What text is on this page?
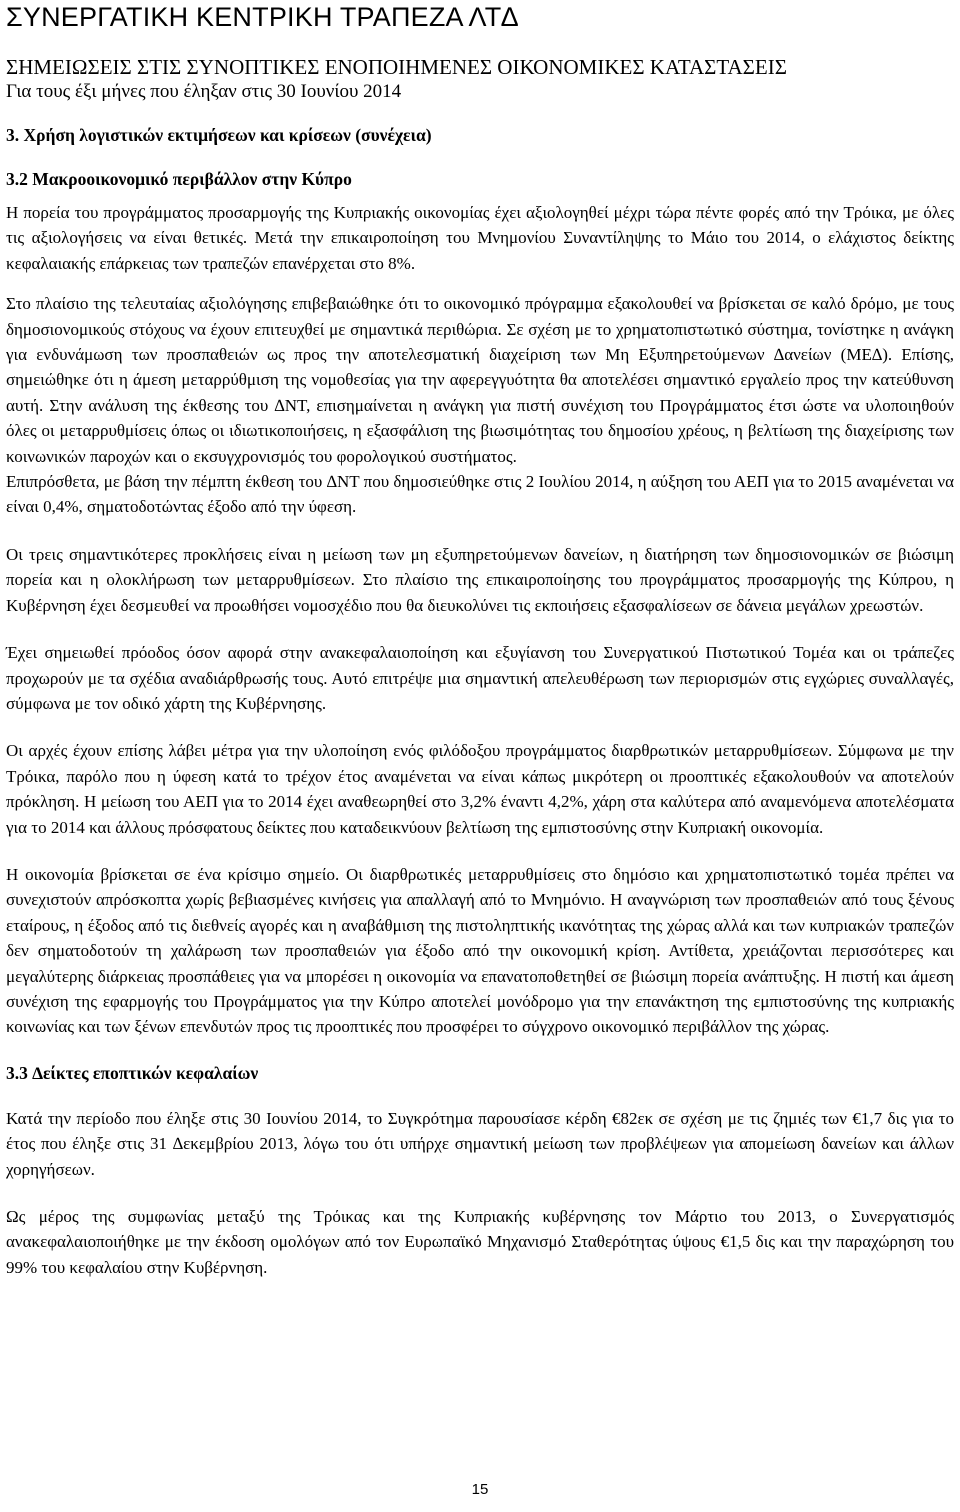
ΣΥΝΕΡΓΑΤΙΚΗ ΚΕΝΤΡΙΚΗ ΤΡΑΠΕΖΑ ΛΤ∆
ΣΗΜΕΙΩΣΕΙΣ ΣΤΙΣ ΣΥΝΟΠΤΙΚΕΣ ΕΝΟΠΟΙΗΜΕΝΕΣ ΟΙΚΟΝΟΜΙΚΕΣ ΚΑΤΑΣΤΑΣΕΙΣ
Για τους έξι μήνες που έληξαν στις 30 Ιουνίου 2014
3. Χρήση λογιστικών εκτιμήσεων και κρίσεων (συνέχεια)
3.2 Μακροοικονομικό περιβάλλον στην Κύπρο

Η πορεία του προγράμματος προσαρμογής της Κυπριακής οικονομίας έχει αξιολογηθεί μέχρι τώρα πέντε φορές από την Τρόικα, με όλες τις αξιολογήσεις να είναι θετικές. Μετά την επικαιροποίηση του Μνημονίου Συναντίληψης το Μάιο του 2014, ο ελάχιστος δείκτης κεφαλαιακής επάρκειας των τραπεζών επανέρχεται στο 8%.

Στο πλαίσιο της τελευταίας αξιολόγησης επιβεβαιώθηκε ότι το οικονομικό πρόγραμμα εξακολουθεί να βρίσκεται σε καλό δρόμο, με τους δημοσιονομικούς στόχους να έχουν επιτευχθεί με σημαντικά περιθώρια. Σε σχέση με το χρηματοπιστωτικό σύστημα, τονίστηκε η ανάγκη για ενδυνάμωση των προσπαθειών ως προς την αποτελεσματική διαχείριση των Μη Εξυπηρετούμενων ∆ανείων (ΜΕ∆). Επίσης, σημειώθηκε ότι η άμεση μεταρρύθμιση της νομοθεσίας για την αφερεγγυότητα θα αποτελέσει σημαντικό εργαλείο προς την κατεύθυνση αυτή. Στην ανάλυση της έκθεσης του ∆ΝΤ, επισημαίνεται η ανάγκη για πιστή συνέχιση του Προγράμματος έτσι ώστε να υλοποιηθούν όλες οι μεταρρυθμίσεις όπως οι ιδιωτικοποιήσεις, η εξασφάλιση της βιωσιμότητας του δημοσίου χρέους, η βελτίωση της διαχείρισης των κοινωνικών παροχών και ο εκσυγχρονισμός του φορολογικού συστήματος.

Επιπρόσθετα, με βάση την πέμπτη έκθεση του ∆ΝΤ που δημοσιεύθηκε στις 2 Ιουλίου 2014, η αύξηση του ΑΕΠ για το 2015 αναμένεται να είναι 0,4%, σηματοδοτώντας έξοδο από την ύφεση.

Οι τρεις σημαντικότερες προκλήσεις είναι η μείωση των μη εξυπηρετούμενων δανείων, η διατήρηση των δημοσιονομικών σε βιώσιμη πορεία και η ολοκλήρωση των μεταρρυθμίσεων. Στο πλαίσιο της επικαιροποίησης του προγράμματος προσαρμογής της Κύπρου, η Κυβέρνηση έχει δεσμευθεί να προωθήσει νομοσχέδιο που θα διευκολύνει τις εκποιήσεις εξασφαλίσεων σε δάνεια μεγάλων χρεωστών.

Έχει σημειωθεί πρόοδος όσον αφορά στην ανακεφαλαιοποίηση και εξυγίανση του Συνεργατικού Πιστωτικού Τομέα και οι τράπεζες προχωρούν με τα σχέδια αναδιάρθρωσής τους. Αυτό επιτρέψε μια σημαντική απελευθέρωση των περιορισμών στις εγχώριες συναλλαγές, σύμφωνα με τον οδικό χάρτη της Κυβέρνησης.

Οι αρχές έχουν επίσης λάβει μέτρα για την υλοποίηση ενός φιλόδοξου προγράμματος διαρθρωτικών μεταρρυθμίσεων. Σύμφωνα με την Τρόικα, παρόλο που η ύφεση κατά το τρέχον έτος αναμένεται να είναι κάπως μικρότερη οι προοπτικές εξακολουθούν να αποτελούν πρόκληση. Η μείωση του ΑΕΠ για το 2014 έχει αναθεωρηθεί στο 3,2% έναντι 4,2%, χάρη στα καλύτερα από αναμενόμενα αποτελέσματα για το 2014 και άλλους πρόσφατους δείκτες που καταδεικνύουν βελτίωση της εμπιστοσύνης στην Κυπριακή οικονομία.

Η οικονομία βρίσκεται σε ένα κρίσιμο σημείο. Οι διαρθρωτικές μεταρρυθμίσεις στο δημόσιο και χρηματοπιστωτικό τομέα πρέπει να συνεχιστούν απρόσκοπτα χωρίς βεβιασμένες κινήσεις για απαλλαγή από το Μνημόνιο. Η αναγνώριση των προσπαθειών από τους ξένους εταίρους, η έξοδος από τις διεθνείς αγορές και η αναβάθμιση της πιστοληπτικής ικανότητας της χώρας αλλά και των κυπριακών τραπεζών δεν σηματοδοτούν τη χαλάρωση των προσπαθειών για έξοδο από την οικονομική κρίση. Αντίθετα, χρειάζονται περισσότερες και μεγαλύτερης διάρκειας προσπάθειες για να μπορέσει η οικονομία να επανατοποθετηθεί σε βιώσιμη πορεία ανάπτυξης. Η πιστή και άμεση συνέχιση της εφαρμογής του Προγράμματος για την Κύπρο αποτελεί μονόδρομο για την επανάκτηση της εμπιστοσύνης της κυπριακής κοινωνίας και των ξένων επενδυτών προς τις προοπτικές που προσφέρει το σύγχρονο οικονομικό περιβάλλον της χώρας.

3.3 ∆είκτες εποπτικών κεφαλαίων

Κατά την περίοδο που έληξε στις 30 Ιουνίου 2014, το Συγκρότημα παρουσίασε κέρδη €82εκ σε σχέση με τις ζημιές των €1,7 δις για το έτος που έληξε στις 31 ∆εκεμβρίου 2013, λόγω του ότι υπήρχε σημαντική μείωση των προβλέψεων για απομείωση δανείων και άλλων χορηγήσεων.

Ως μέρος της συμφωνίας μεταξύ της Τρόικας και της Κυπριακής κυβέρνησης τον Μάρτιο του 2013, ο Συνεργατισμός ανακεφαλαιοποιήθηκε με την έκδοση ομολόγων από τον Ευρωπαϊκό Μηχανισμό Σταθερότητας ύψους €1,5 δις και την παραχώρηση του 99% του κεφαλαίου στην Κυβέρνηση.

15
